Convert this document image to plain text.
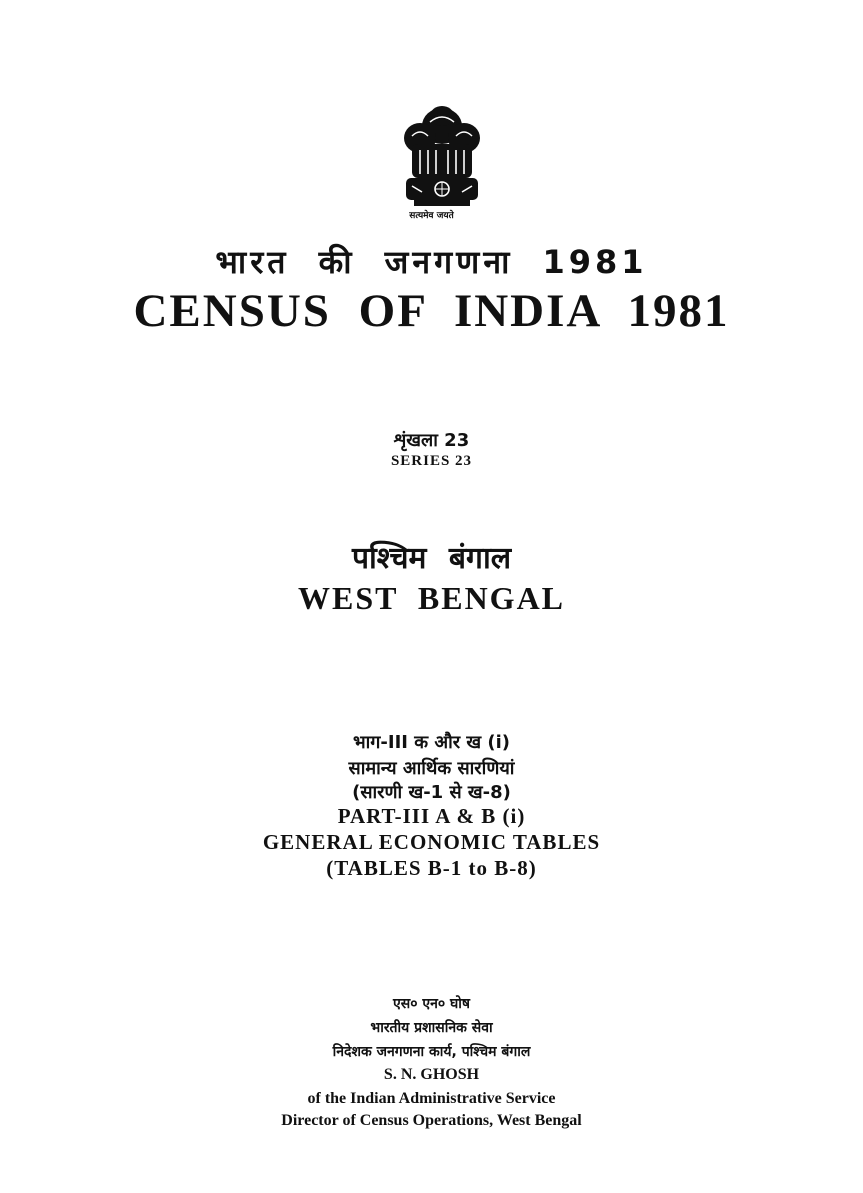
सत्यमेव जयते
भारत की जनगणना 1981
CENSUS OF INDIA 1981
शृंखला 23
SERIES 23
पश्चिम बंगाल
WEST BENGAL
भाग-III क और ख (i)
सामान्य आर्थिक सारणियां
(सारणी ख-1 से ख-8)
PART-III A & B (i)
GENERAL ECONOMIC TABLES
(TABLES B-1 to B-8)
एस० एन० घोष
भारतीय प्रशासनिक सेवा
निदेशक जनगणना कार्य, पश्चिम बंगाल
S. N. GHOSH
of the Indian Administrative Service
Director of Census Operations, West Bengal
